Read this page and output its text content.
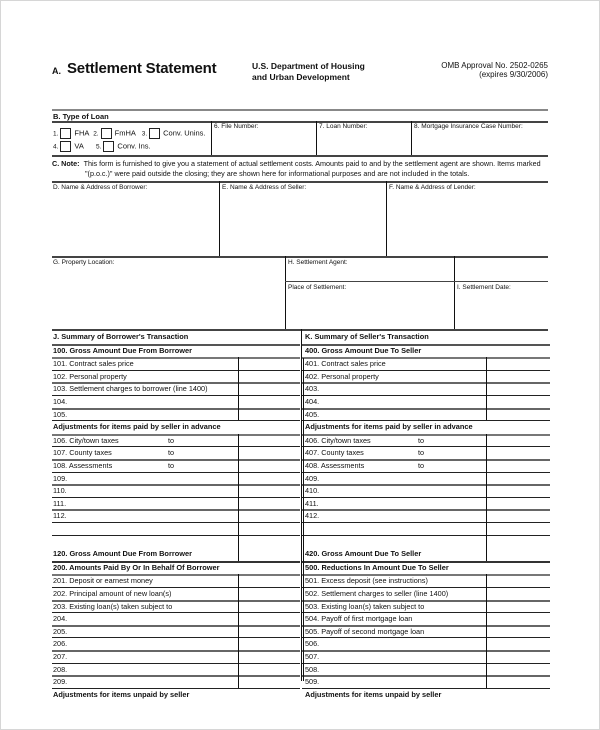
A. Settlement Statement	U.S. Department of Housing
and Urban Development
OMB Approval No. 2502-0265
(expires 9/30/2006)
B. Type of Loan
1. FHA 2. FmHA 3. Conv. Unins.
4. VA 5. Conv. Ins.
6. File Number:	7. Loan Number:	8. Mortgage Insurance Case Number:
C. Note: This form is furnished to give you a statement of actual settlement costs. Amounts paid to and by the settlement agent are shown. Items marked
"(p.o.c.)" were paid outside the closing; they are shown here for informational purposes and are not included in the totals.
D. Name & Address of Borrower:	E. Name & Address of Seller:	F. Name & Address of Lender:
G. Property Location:	H. Settlement Agent:
Place of Settlement:	I. Settlement Date:
J. Summary of Borrower's Transaction
100. Gross Amount Due From Borrower
101. Contract sales price
102. Personal property
103. Settlement charges to borrower (line 1400)
104.
105.
Adjustments for items paid by seller in advance
106. City/town taxes	to
107. County taxes	to
108. Assessments	to
109.
110.
111.
112.
120. Gross Amount Due From Borrower
200. Amounts Paid By Or In Behalf Of Borrower
201. Deposit or earnest money
202. Principal amount of new loan(s)
203. Existing loan(s) taken subject to
204.
205.
206.
207.
208.
209.
Adjustments for items unpaid by seller
K. Summary of Seller's Transaction
400. Gross Amount Due To Seller
401. Contract sales price
402. Personal property
403.
404.
405.
Adjustments for items paid by seller in advance
406. City/town taxes	to
407. County taxes	to
408. Assessments	to
409.
410.
411.
412.
420. Gross Amount Due To Seller
500. Reductions In Amount Due To Seller
501. Excess deposit (see instructions)
502. Settlement charges to seller (line 1400)
503. Existing loan(s) taken subject to
504. Payoff of first mortgage loan
505. Payoff of second mortgage loan
506.
507.
508.
509.
Adjustments for items unpaid by seller
